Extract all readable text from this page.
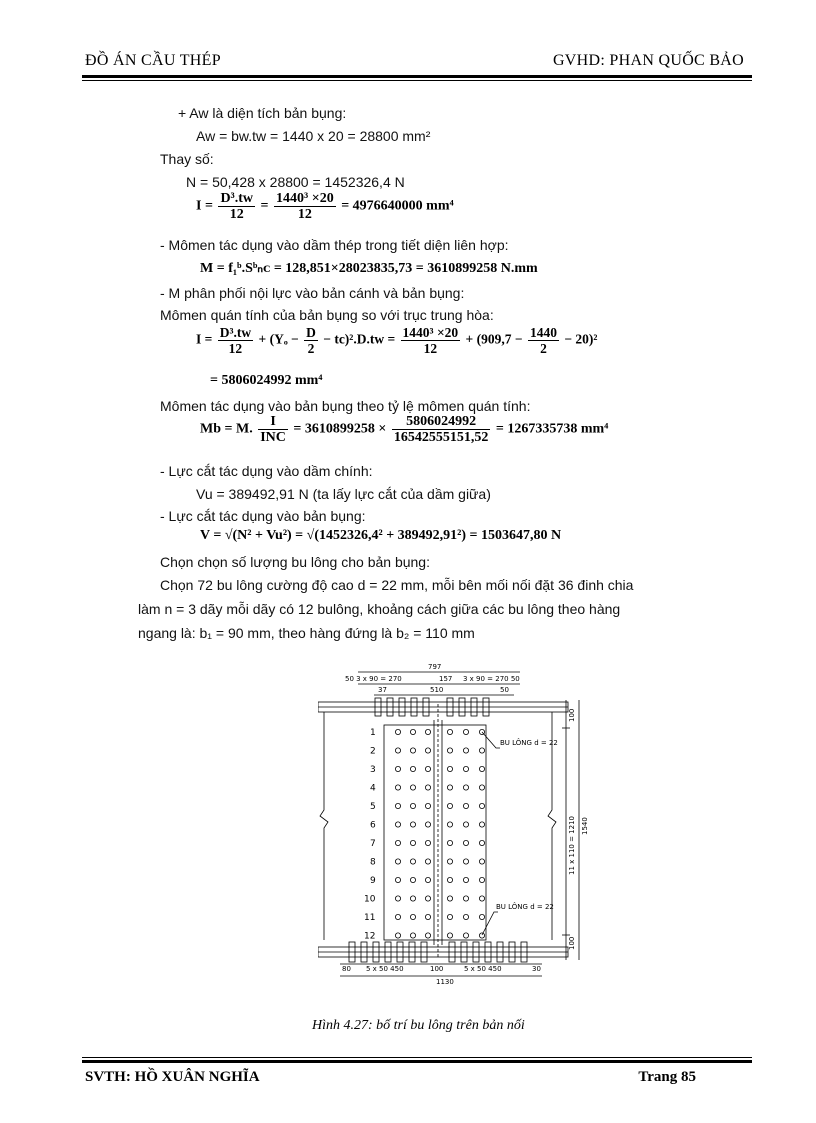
ĐỒ ÁN CẦU THÉP	GVHD: PHAN QUỐC BẢO
+ Aw là diện tích bản bụng:
Aw = bw.tw = 1440 x 20 = 28800 mm²
Thay số:
N = 50,428 x 28800 = 1452326,4 N
$I = \frac{\text{D³.tw}}{12} = \frac{\text{1440³ ×20}}{12} = 4976640000$ mm⁴
- Mômen tác dụng vào dầm thép trong tiết diện liên hợp:
M = f₁ᵇ.Sᵇₙᴄ = 128,851×28023835,73 = 3610899258 N.mm
- M phân phối nội lực vào bản cánh và bản bụng:
Mômen quán tính của bản bụng so với trục trung hòa:
$I = \frac{\text{D³.tw}}{12} + (Y_o - \frac{D}{2} - tc)^2.D.tw = \frac{\text{1440³ ×20}}{12} + (909,7 - \frac{1440}{2} - 20)^2$
= 5806024992 mm⁴
Mômen tác dụng vào bản bụng theo tỷ lệ mômen quán tính:
Mb = M. $\frac{I}{\text{INC}} = 3610899258 \times \frac{5806024992}{16542555151,52} = 1267335738$ mm⁴
- Lực cắt tác dụng vào dầm chính:
Vu = 389492,91 N (ta lấy lực cắt của dầm giữa)
- Lực cắt tác dụng vào bản bụng:
V = √(N² + Vu²) = √(1452326,4² + 389492,91²) = 1503647,80 N
Chọn chọn số lượng bu lông cho bản bụng:
Chọn 72 bu lông cường độ cao d = 22 mm, mỗi bên mối nối đặt 36 đinh chia
làm n = 3 dãy mỗi dãy có 12 bulông, khoảng cách giữa các bu lông theo hàng
ngang là: b₁ = 90 mm, theo hàng đứng là b₂ = 110 mm
797
50 3 x 90 = 270	157 3 x 90 = 270 50
37	510	50
BU LÔNG d = 22
BU LÔNG d = 22
80 5 x 50 450	100	5 x 50 450	30
1130
100
11 x 110 = 1210 1540
100
1
2
3
4
5
6
7
8
9
10
11
12
Hình 4.27: bố trí bu lông trên bản nối
SVTH: HỒ XUÂN NGHĨA	Trang 85
